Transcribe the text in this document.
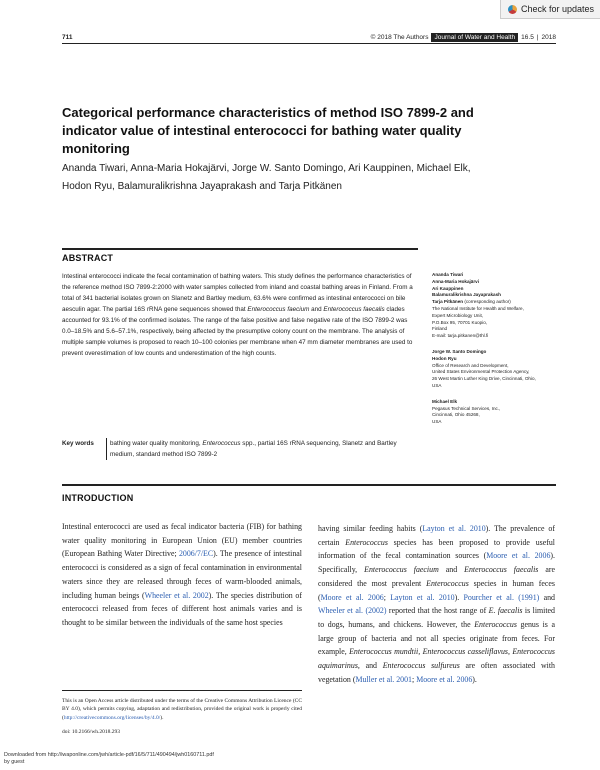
Check for updates
711	© 2018 The Authors Journal of Water and Health 16.5 | 2018
Categorical performance characteristics of method ISO 7899-2 and indicator value of intestinal enterococci for bathing water quality monitoring
Ananda Tiwari, Anna-Maria Hokajärvi, Jorge W. Santo Domingo, Ari Kauppinen, Michael Elk, Hodon Ryu, Balamuralikrishna Jayaprakash and Tarja Pitkänen
ABSTRACT
Intestinal enterococci indicate the fecal contamination of bathing waters. This study defines the performance characteristics of the reference method ISO 7899-2:2000 with water samples collected from inland and coastal bathing areas in Finland. From a total of 341 bacterial isolates grown on Slanetz and Bartley medium, 63.6% were confirmed as intestinal enterococci on bile aesculin agar. The partial 16S rRNA gene sequences showed that Enterococcus faecium and Enterococcus faecalis clades accounted for 93.1% of the confirmed isolates. The range of the false positive and false negative rate of the ISO 7899-2 was 0.0–18.5% and 5.6–57.1%, respectively, being affected by the presumptive colony count on the membrane. The analysis of multiple sample volumes is proposed to reach 10–100 colonies per membrane when 47 mm diameter membranes are used to prevent overestimation of low counts and underestimation of the high counts.
Key words	bathing water quality monitoring, Enterococcus spp., partial 16S rRNA sequencing, Slanetz and Bartley medium, standard method ISO 7899-2
Ananda Tiwari
Anna-Maria Hokajärvi
Ari Kauppinen
Balamuralikrishna Jayaprakash
Tarja Pitkänen (corresponding author)
The National Institute for Health and Welfare,
Expert Microbiology Unit,
P.O.Box 95, 70701 Kuopio,
Finland
E-mail: tarja.pitkanen@thl.fi
Jorge W. Santo Domingo
Hodon Ryu
Office of Research and Development,
United States Environmental Protection Agency,
26 West Martin Luther King Drive, Cincinnati, Ohio,
USA
Michael Elk
Pegasus Technical Services, Inc.,
Cincinnati, Ohio 45268,
USA
INTRODUCTION
Intestinal enterococci are used as fecal indicator bacteria (FIB) for bathing water quality monitoring in European Union (EU) member countries (European Bathing Water Directive; 2006/7/EC). The presence of intestinal enterococci is considered as a sign of fecal contamination in environmental waters since they are released through feces of warm-blooded animals, including human beings (Wheeler et al. 2002). The species distribution of enterococci released from feces of different host animals varies and is thought to be similar between the individuals of the same host species
having similar feeding habits (Layton et al. 2010). The prevalence of certain Enterococcus species has been proposed to provide useful information of the fecal contamination sources (Moore et al. 2006). Specifically, Enterococcus faecium and Enterococcus faecalis are considered the most prevalent Enterococcus species in human feces (Moore et al. 2006; Layton et al. 2010). Pourcher et al. (1991) and Wheeler et al. (2002) reported that the host range of E. faecalis is limited to dogs, humans, and chickens. However, the Enterococcus genus is a large group of bacteria and not all species originate from feces. For example, Enterococcus mundtii, Enterococcus casseliflavus, Enterococcus aquimarinus, and Enterococcus sulfureus are often associated with vegetation (Muller et al. 2001; Moore et al. 2006).
This is an Open Access article distributed under the terms of the Creative Commons Attribution Licence (CC BY 4.0), which permits copying, adaptation and redistribution, provided the original work is properly cited (http://creativecommons.org/licenses/by/4.0/).
doi: 10.2166/wh.2018.293
Downloaded from http://iwaponline.com/jwh/article-pdf/16/5/711/490494/jwh0160711.pdf
by guest
